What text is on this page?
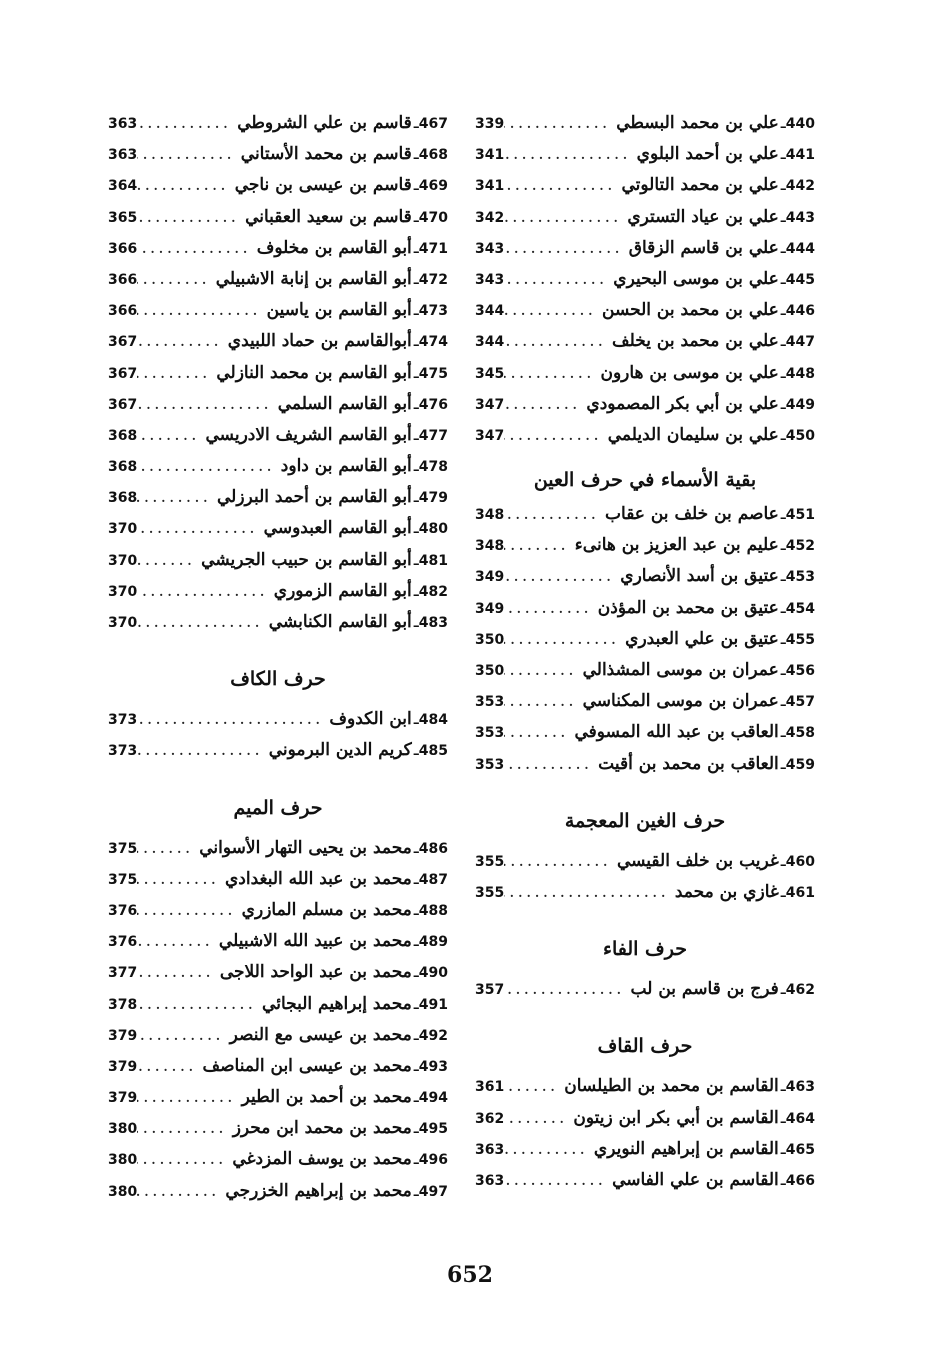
440
ـ
علي بن محمد البسطي
.....
339
441
ـ
علي بن أحمد البلوي
.....
341
442
ـ
علي بن محمد التالوتي
.....
341
443
ـ
علي بن عياد التستري
.....
342
444
ـ
علي بن قاسم الزقاق
.....
343
445
ـ
علي بن موسى البحيري
.....
343
446
ـ
علي بن محمد بن الحسن
.....
344
447
ـ
علي بن محمد بن يخلف
.....
344
448
ـ
علي بن موسى بن هارون
.....
345
449
ـ
علي بن أبي بكر المصمودي
.....
347
450
ـ
علي بن سليمان الديلمي
.....
347
بقية الأسماء في حرف العين
451
ـ
عاصم بن خلف بن عقاب
.....
348
452
ـ
عليم بن عبد العزيز بن هانىء
.....
348
453
ـ
عتيق بن أسد الأنصاري
.....
349
454
ـ
عتيق بن محمد بن المؤذن
.....
349
455
ـ
عتيق بن علي العبدري
.....
350
456
ـ
عمران بن موسى المشذالي
.....
350
457
ـ
عمران بن موسى المكناسي
.....
353
458
ـ
العاقب بن عبد الله المسوفي
.....
353
459
ـ
العاقب بن محمد بن أقيت
.....
353
حرف الغين المعجمة
460
ـ
غريب بن خلف القيسي
.....
355
461
ـ
غازي بن محمد
.....
355
حرف الفاء
462
ـ
فرج بن قاسم بن لب
.....
357
حرف القاف
463
ـ
القاسم بن محمد بن الطيلسان
.....
361
464
ـ
القاسم بن أبي بكر ابن زيتون
.....
362
465
ـ
القاسم بن إبراهيم النويري
.....
363
466
ـ
القاسم بن علي الفاسي
.....
363
467
ـ
قاسم بن علي الشروطي
.....
363
468
ـ
قاسم بن محمد الأستاني
.....
363
469
ـ
قاسم بن عيسى بن ناجي
.....
364
470
ـ
قاسم بن سعيد العقباني
.....
365
471
ـ
أبو القاسم بن مخلوف
.....
366
472
ـ
أبو القاسم بن إنابة الاشبيلي
.....
366
473
ـ
أبو القاسم بن ياسين
.....
366
474
ـ
أبوالقاسم بن حماد اللبيدي
.....
367
475
ـ
أبو القاسم بن محمد النازلي
.....
367
476
ـ
أبو القاسم السلمي
.....
367
477
ـ
أبو القاسم الشريف الادريسي
.....
368
478
ـ
أبو القاسم بن داود
.....
368
479
ـ
أبو القاسم بن أحمد البرزلي
.....
368
480
ـ
أبو القاسم العبدوسي
.....
370
481
ـ
أبو القاسم بن حبيب الجريشي
.....
370
482
ـ
أبو القاسم الزموري
.....
370
483
ـ
أبو القاسم الكنابشي
.....
370
حرف الكاف
484
ـ
ابن الكدوف
.....
373
485
ـ
كريم الدين البرموني
.....
373
حرف الميم
486
ـ
محمد بن يحيى التهار الأسواني
.....
375
487
ـ
محمد بن عبد الله البغدادي
.....
375
488
ـ
محمد بن مسلم المازري
.....
376
489
ـ
محمد بن عبيد الله الاشبيلي
.....
376
490
ـ
محمد بن عبد الواحد اللاجى
.....
377
491
ـ
محمد إبراهيم البجائي
.....
378
492
ـ
محمد بن عيسى مع النصر
.....
379
493
ـ
محمد بن عيسى ابن المناصف
.....
379
494
ـ
محمد بن أحمد بن الطير
.....
379
495
ـ
محمد بن محمد ابن محرز
.....
380
496
ـ
محمد بن يوسف المزدغي
.....
380
497
ـ
محمد بن إبراهيم الخزرجي
.....
380
652
